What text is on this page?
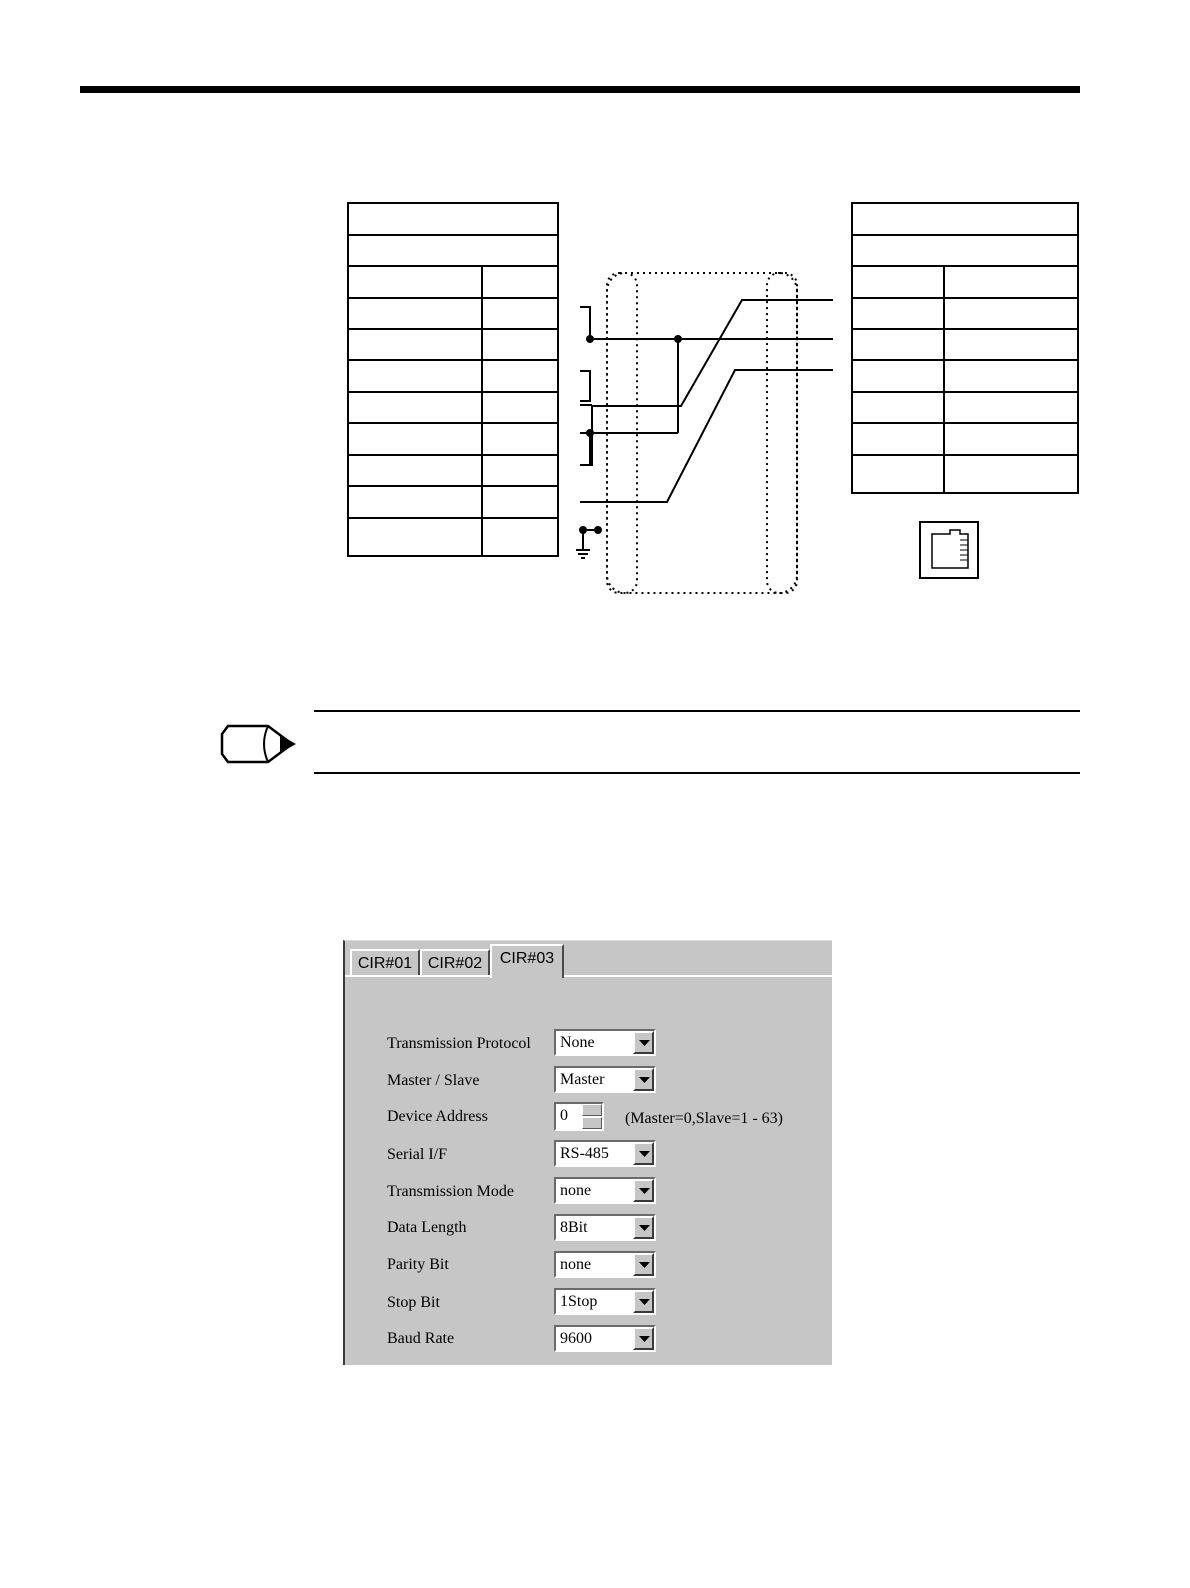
CIR#01 CIR#02	CIR#03
Transmission Protocol None
Master / Slave	Master
Device Address	0	(Master=0,Slave=1 - 63)
Serial I/F	RS-485
Transmission Mode	none
Data Length	8Bit
Parity Bit	none
Stop Bit	1Stop
Baud Rate	9600
